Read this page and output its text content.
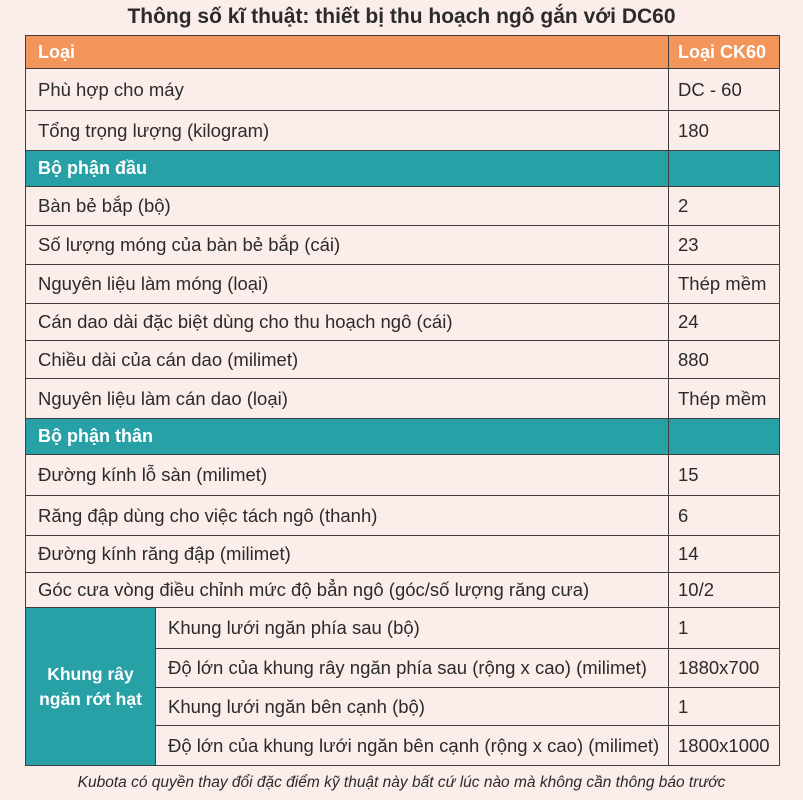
Thông số kĩ thuật: thiết bị thu hoạch ngô gắn với DC60
Loại	Loại CK60
Phù hợp cho máy	DC - 60
Tổng trọng lượng (kilogram)	180
Bộ phận đầu
Bàn bẻ bắp (bộ)	2
Số lượng móng của bàn bẻ bắp (cái)	23
Nguyên liệu làm móng (loại)	Thép mềm
Cán dao dài đặc biệt dùng cho thu hoạch ngô (cái)	24
Chiều dài của cán dao (milimet)	880
Nguyên liệu làm cán dao (loại)	Thép mềm
Bộ phận thân
Đường kính lỗ sàn (milimet)	15
Răng đập dùng cho việc tách ngô (thanh)	6
Đường kính răng đập (milimet)	14
Góc cưa vòng điều chỉnh mức độ bẳn ngô (góc/số lượng răng cưa)	10/2
Khung rây ngăn rớt hạt
Khung lưới ngăn phía sau (bộ)	1
Độ lớn của khung rây ngăn phía sau (rộng x cao) (milimet)	1880x700
Khung lưới ngăn bên cạnh (bộ)	1
Độ lớn của khung lưới ngăn bên cạnh (rộng x cao) (milimet)	1800x1000
Kubota có quyền thay đổi đặc điểm kỹ thuật này bất cứ lúc nào mà không cần thông báo trước
